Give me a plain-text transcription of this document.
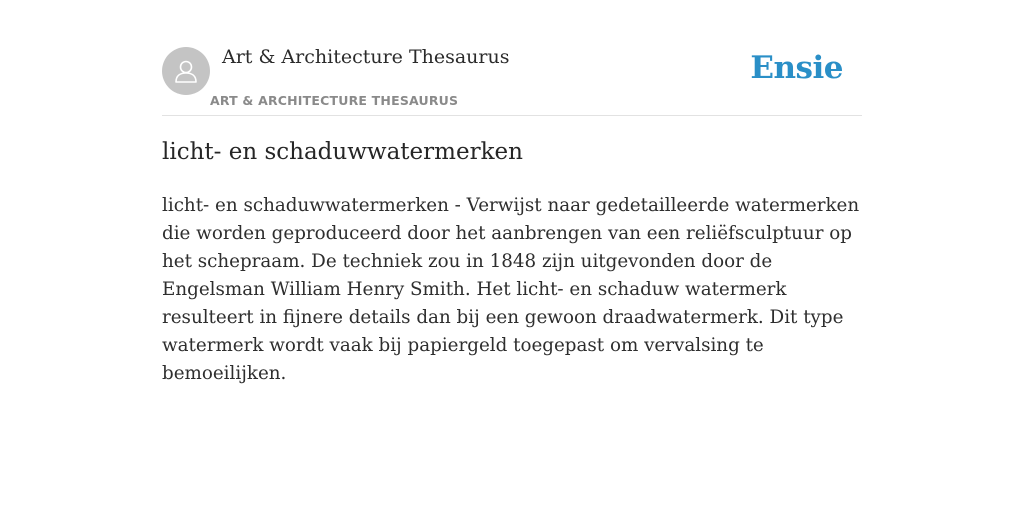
Art & Architecture Thesaurus
ART & ARCHITECTURE THESAURUS
Ensie
licht- en schaduwwatermerken

licht- en schaduwwatermerken - Verwijst naar gedetailleerde watermerken die worden geproduceerd door het aanbrengen van een reliëfsculptuur op het schepraam. De techniek zou in 1848 zijn uitgevonden door de Engelsman William Henry Smith. Het licht- en schaduw watermerk resulteert in fijnere details dan bij een gewoon draadwatermerk. Dit type watermerk wordt vaak bij papiergeld toegepast om vervalsing te bemoeilijken.
